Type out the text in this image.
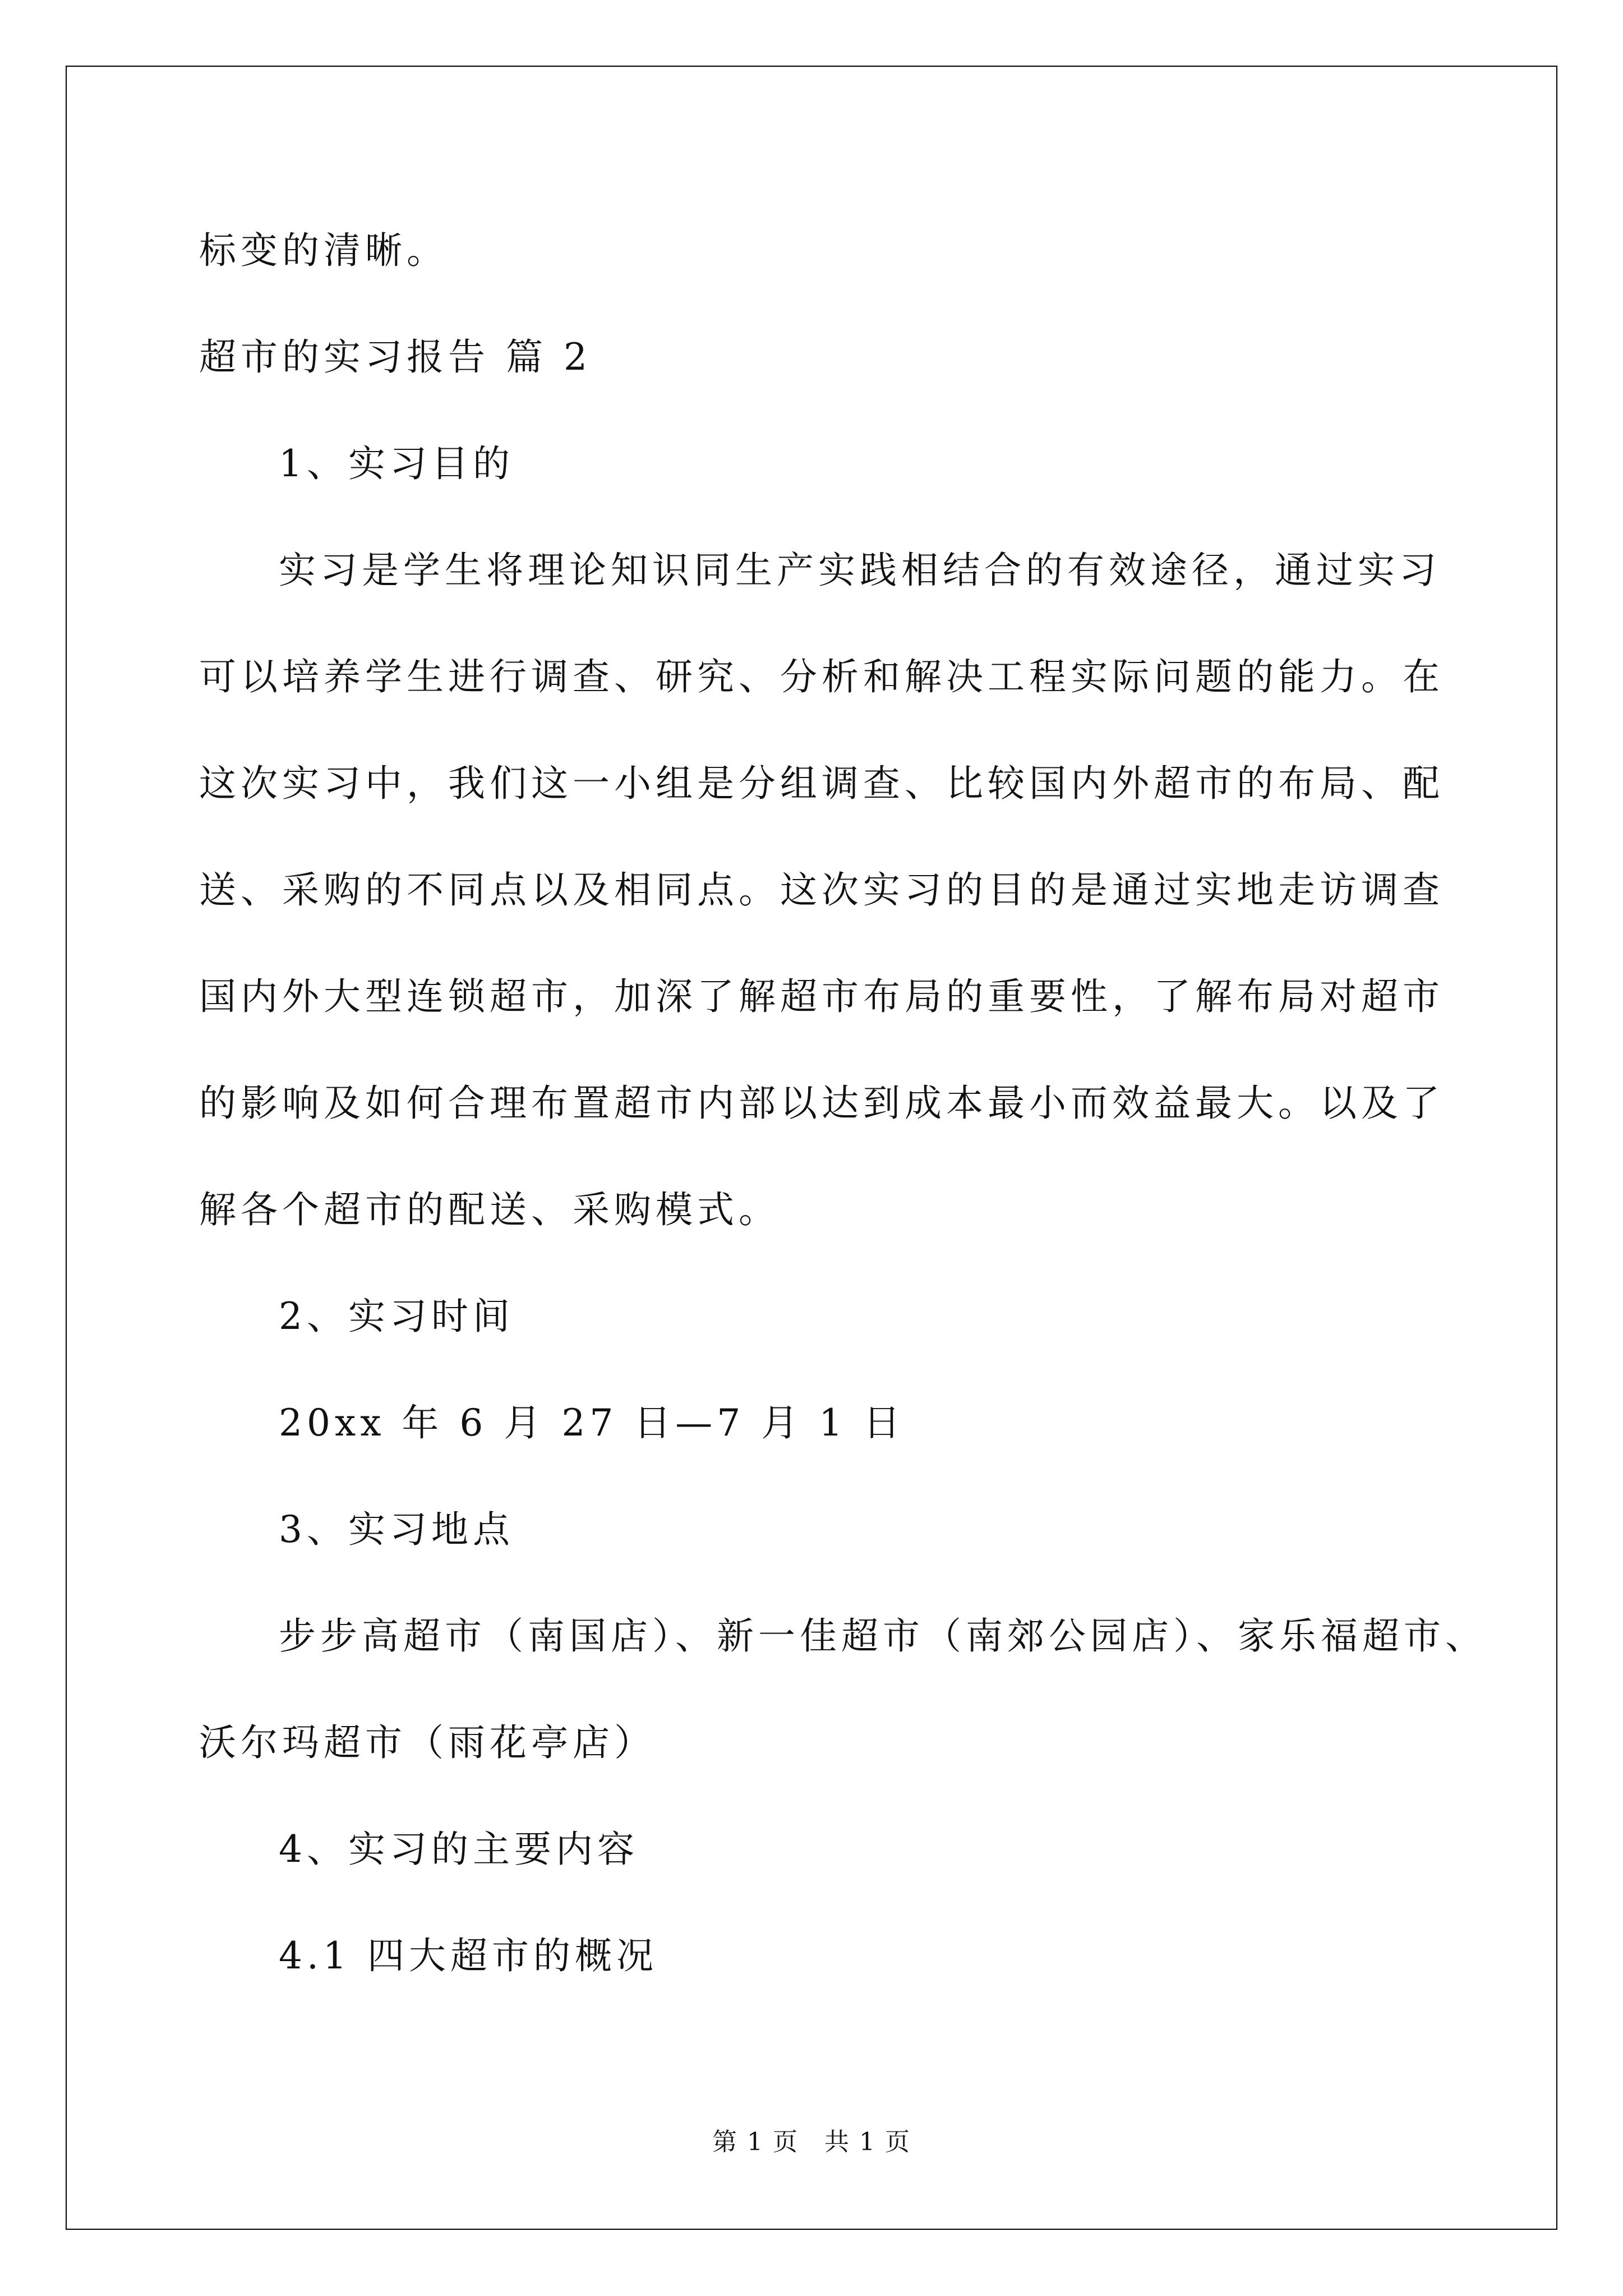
标变的清晰。
超市的实习报告 篇 2
1、实习目的
实习是学生将理论知识同生产实践相结合的有效途径，通过实习
可以培养学生进行调查、研究、分析和解决工程实际问题的能力。在
这次实习中，我们这一小组是分组调查、比较国内外超市的布局、配
送、采购的不同点以及相同点。这次实习的目的是通过实地走访调查
国内外大型连锁超市，加深了解超市布局的重要性，了解布局对超市
的影响及如何合理布置超市内部以达到成本最小而效益最大。以及了
解各个超市的配送、采购模式。
2、实习时间
20xx 年 6 月 27 日—7 月 1 日
3、实习地点
步步高超市（南国店）、新一佳超市（南郊公园店）、家乐福超市、
沃尔玛超市（雨花亭店）
4、实习的主要内容
4.1 四大超市的概况
第 1 页　共 1 页
